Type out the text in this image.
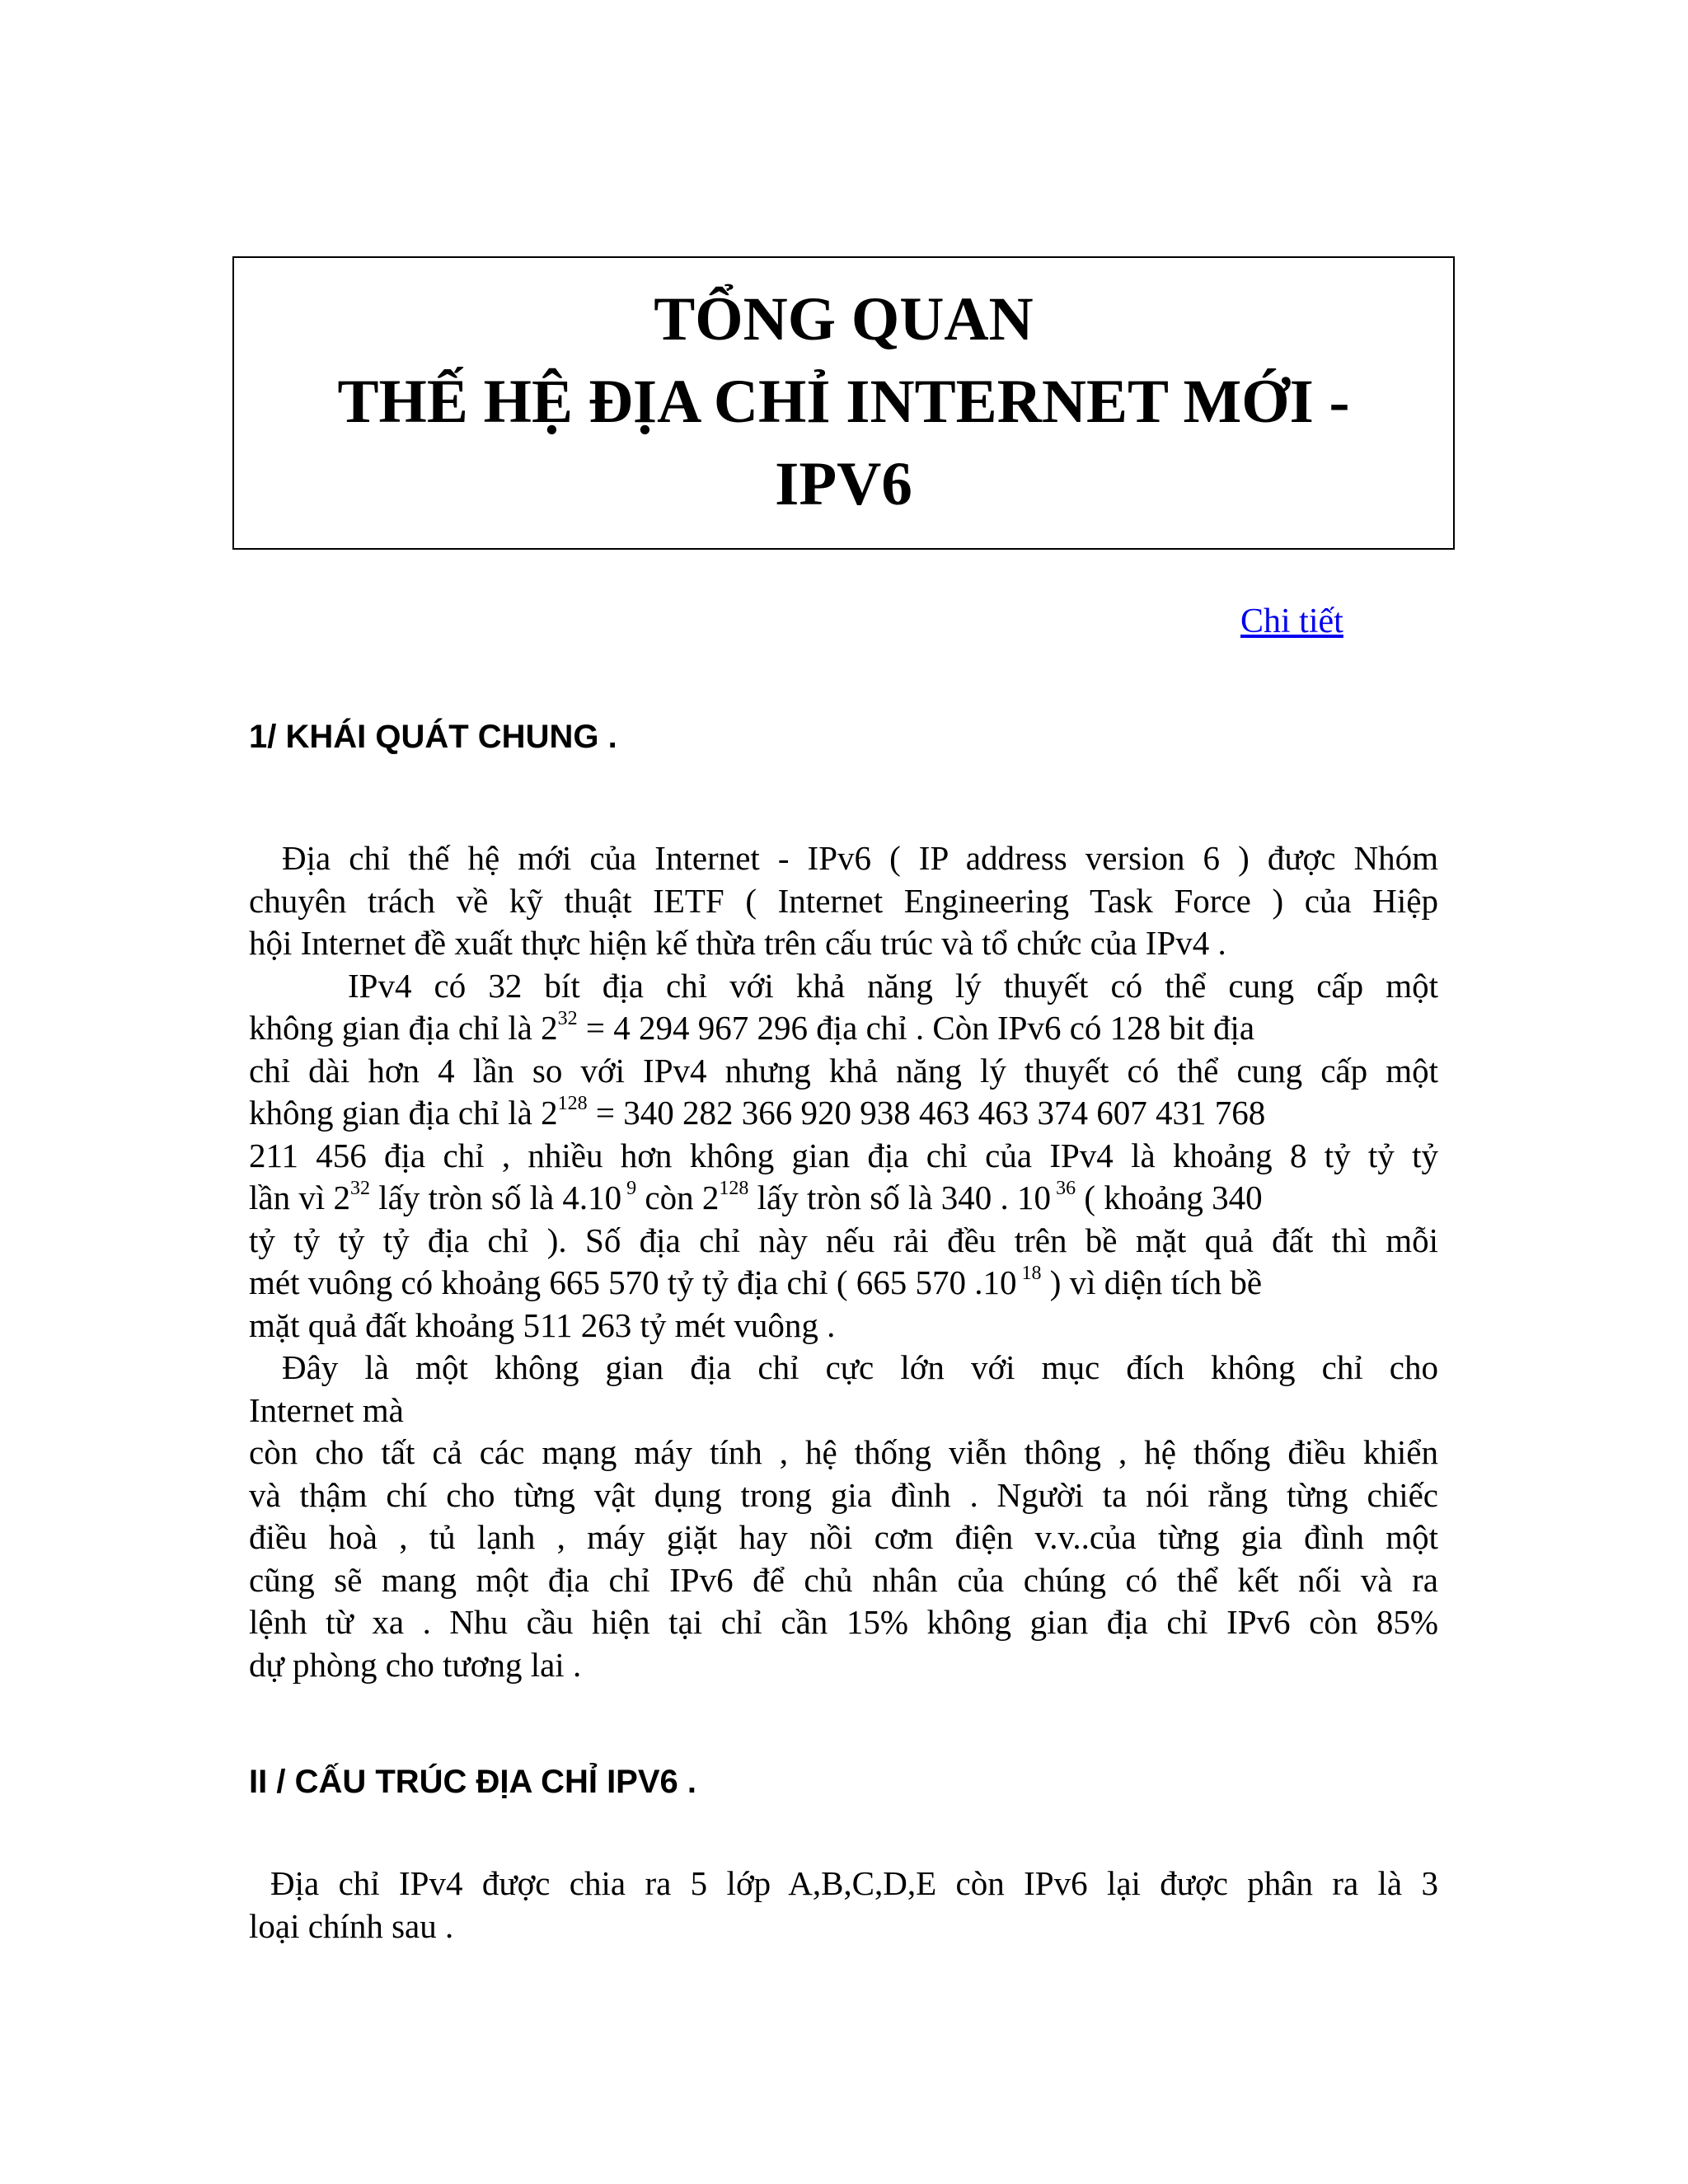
TỔNG QUAN
THẾ HỆ ĐỊA CHỈ INTERNET MỚI -
IPV6
Chi tiết
1/ KHÁI QUÁT CHUNG .
Địa chỉ thế hệ mới của Internet - IPv6 ( IP address version 6 ) được Nhóm
chuyên trách về kỹ thuật IETF ( Internet Engineering Task Force ) của Hiệp
hội Internet đề xuất thực hiện kế thừa trên cấu trúc và tổ chức của IPv4 .
IPv4 có 32 bít địa chỉ với khả năng lý thuyết có thể cung cấp một
không gian địa chỉ là $2^{32} = 4$ 294 967 296 địa chỉ . Còn IPv6 có 128 bit địa
chỉ dài hơn 4 lần so với IPv4 nhưng khả năng lý thuyết có thể cung cấp một
không gian địa chỉ là $2^{128} = 340$ 282 366 920 938 463 463 374 607 431 768
211 456 địa chỉ , nhiều hơn không gian địa chỉ của IPv4 là khoảng 8 tỷ tỷ tỷ
lần vì $2^{32}$ lấy tròn số là 4.10 $^9$ còn $2^{128}$ lấy tròn số là 340 . 10 $^{36}$ ( khoảng 340
tỷ tỷ tỷ tỷ địa chỉ ). Số địa chỉ này nếu rải đều trên bề mặt quả đất thì mỗi
mét vuông có khoảng 665 570 tỷ tỷ địa chỉ ( 665 570 .10 $^{18}$ ) vì diện tích bề
mặt quả đất khoảng 511 263 tỷ mét vuông .
Đây là một không gian địa chỉ cực lớn với mục đích không chỉ cho
Internet mà
còn cho tất cả các mạng máy tính , hệ thống viễn thông , hệ thống điều khiển
và thậm chí cho từng vật dụng trong gia đình . Người ta nói rằng từng chiếc
điều hoà , tủ lạnh , máy giặt hay nồi cơm điện v.v..của từng gia đình một
cũng sẽ mang một địa chỉ IPv6 để chủ nhân của chúng có thể kết nối và ra
lệnh từ xa . Nhu cầu hiện tại chỉ cần 15% không gian địa chỉ IPv6 còn 85%
dự phòng cho tương lai .
II / CẤU TRÚC ĐỊA CHỈ IPV6 .
Địa chỉ IPv4 được chia ra 5 lớp A,B,C,D,E còn IPv6 lại được phân ra là 3
loại chính sau .
